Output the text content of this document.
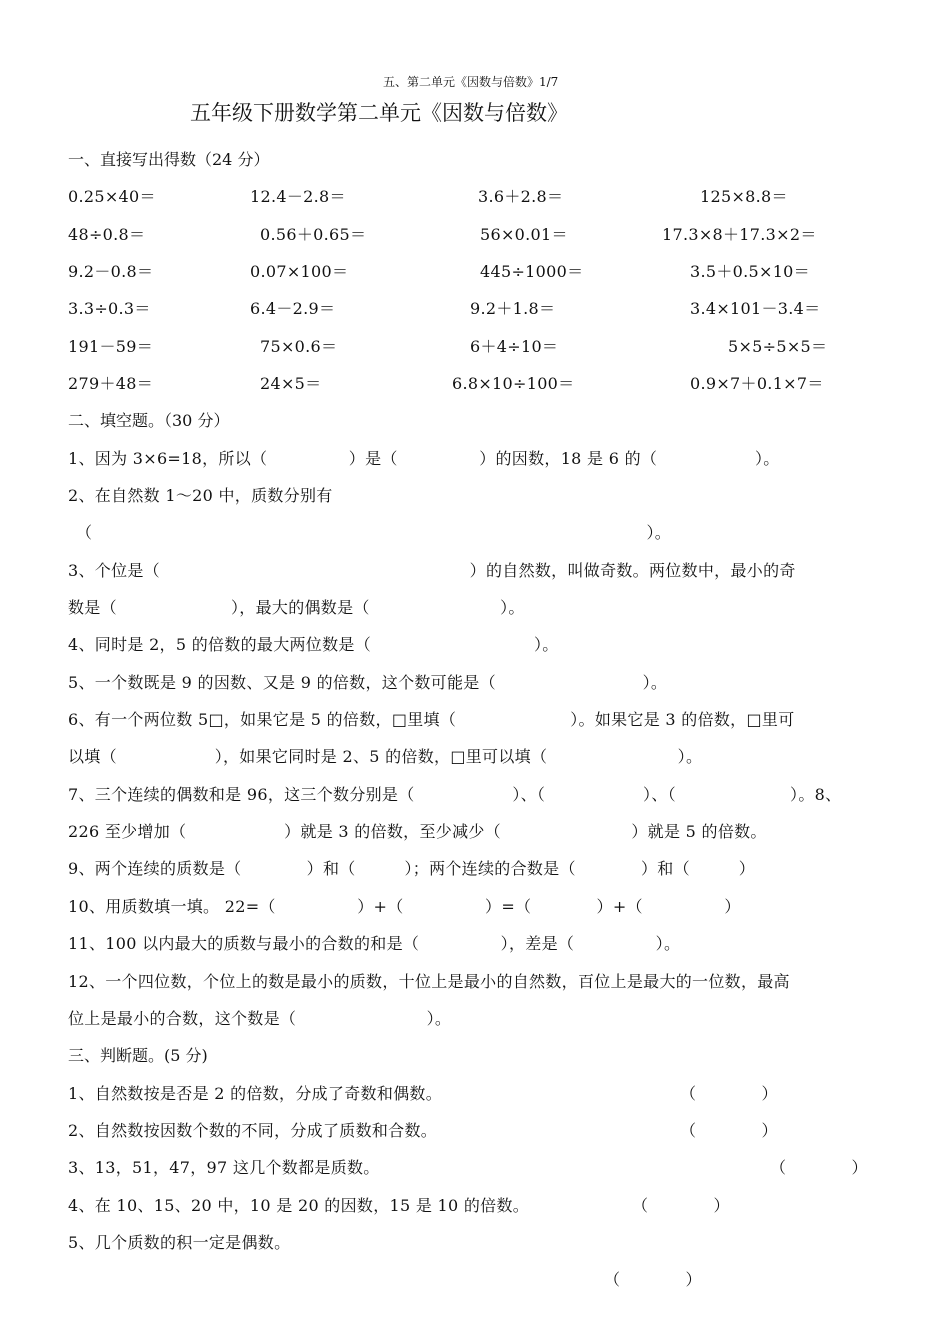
五、第二单元《因数与倍数》1/7
五年级下册数学第二单元《因数与倍数》
一、直接写出得数（24 分）
0.25×40＝	12.4－2.8＝	3.6＋2.8＝	125×8.8＝
48÷0.8＝	0.56＋0.65＝	56×0.01＝	17.3×8＋17.3×2＝
9.2－0.8＝	0.07×100＝	445÷1000＝	3.5＋0.5×10＝
3.3÷0.3＝	6.4－2.9＝	9.2＋1.8＝	3.4×101－3.4＝
191－59＝	75×0.6＝	6＋4÷10＝	5×5÷5×5＝
279＋48＝	24×5＝	6.8×10÷100＝	0.9×7＋0.1×7＝
二、填空题。（30 分）
1、因为 3×6=18，所以（　　　　　）是（　　　　　）的因数，18 是 6 的（　　　　　　）。
2、在自然数 1～20 中，质数分别有
（　　　　　　　　　　　　　　　　　　　　　　　　　　　　　　　　　　）。
3、个位是（　　　　　　　　　　　　　　　　　　　）的自然数，叫做奇数。两位数中，最小的奇
数是（　　　　　　　），最大的偶数是（　　　　　　　　）。
4、同时是 2，5 的倍数的最大两位数是（　　　　　　　　　　）。
5、一个数既是 9 的因数、又是 9 的倍数，这个数可能是（　　　　　　　　　）。
6、有一个两位数 5□，如果它是 5 的倍数，□里填（　　　　　　　）。如果它是 3 的倍数，□里可
以填（　　　　　　），如果它同时是 2、5 的倍数，□里可以填（　　　　　　　　）。
7、三个连续的偶数和是 96，这三个数分别是（　　　　　　）、（　　　　　　）、（　　　　　　　）。8、
226 至少增加（　　　　　　）就是 3 的倍数，至少减少（　　　　　　　　）就是 5 的倍数。
9、两个连续的质数是（　　　　）和（　　　）；两个连续的合数是（　　　　）和（　　　）
10、用质数填一填。 22=（　　　　　）+（　　　　　）=（　　　　）+（　　　　　）
11、100 以内最大的质数与最小的合数的和是（　　　　　），差是（　　　　　）。
12、一个四位数，个位上的数是最小的质数，十位上是最小的自然数，百位上是最大的一位数，最高
位上是最小的合数，这个数是（　　　　　　　　）。
三、判断题。(5 分)
1、自然数按是否是 2 的倍数，分成了奇数和偶数。	（　　　　）
2、自然数按因数个数的不同，分成了质数和合数。	（　　　　）
3、13，51，47，97 这几个数都是质数。	（　　　　）
4、在 10、15、20 中，10 是 20 的因数，15 是 10 的倍数。	（　　　　）
5、几个质数的积一定是偶数。
（　　　　）
